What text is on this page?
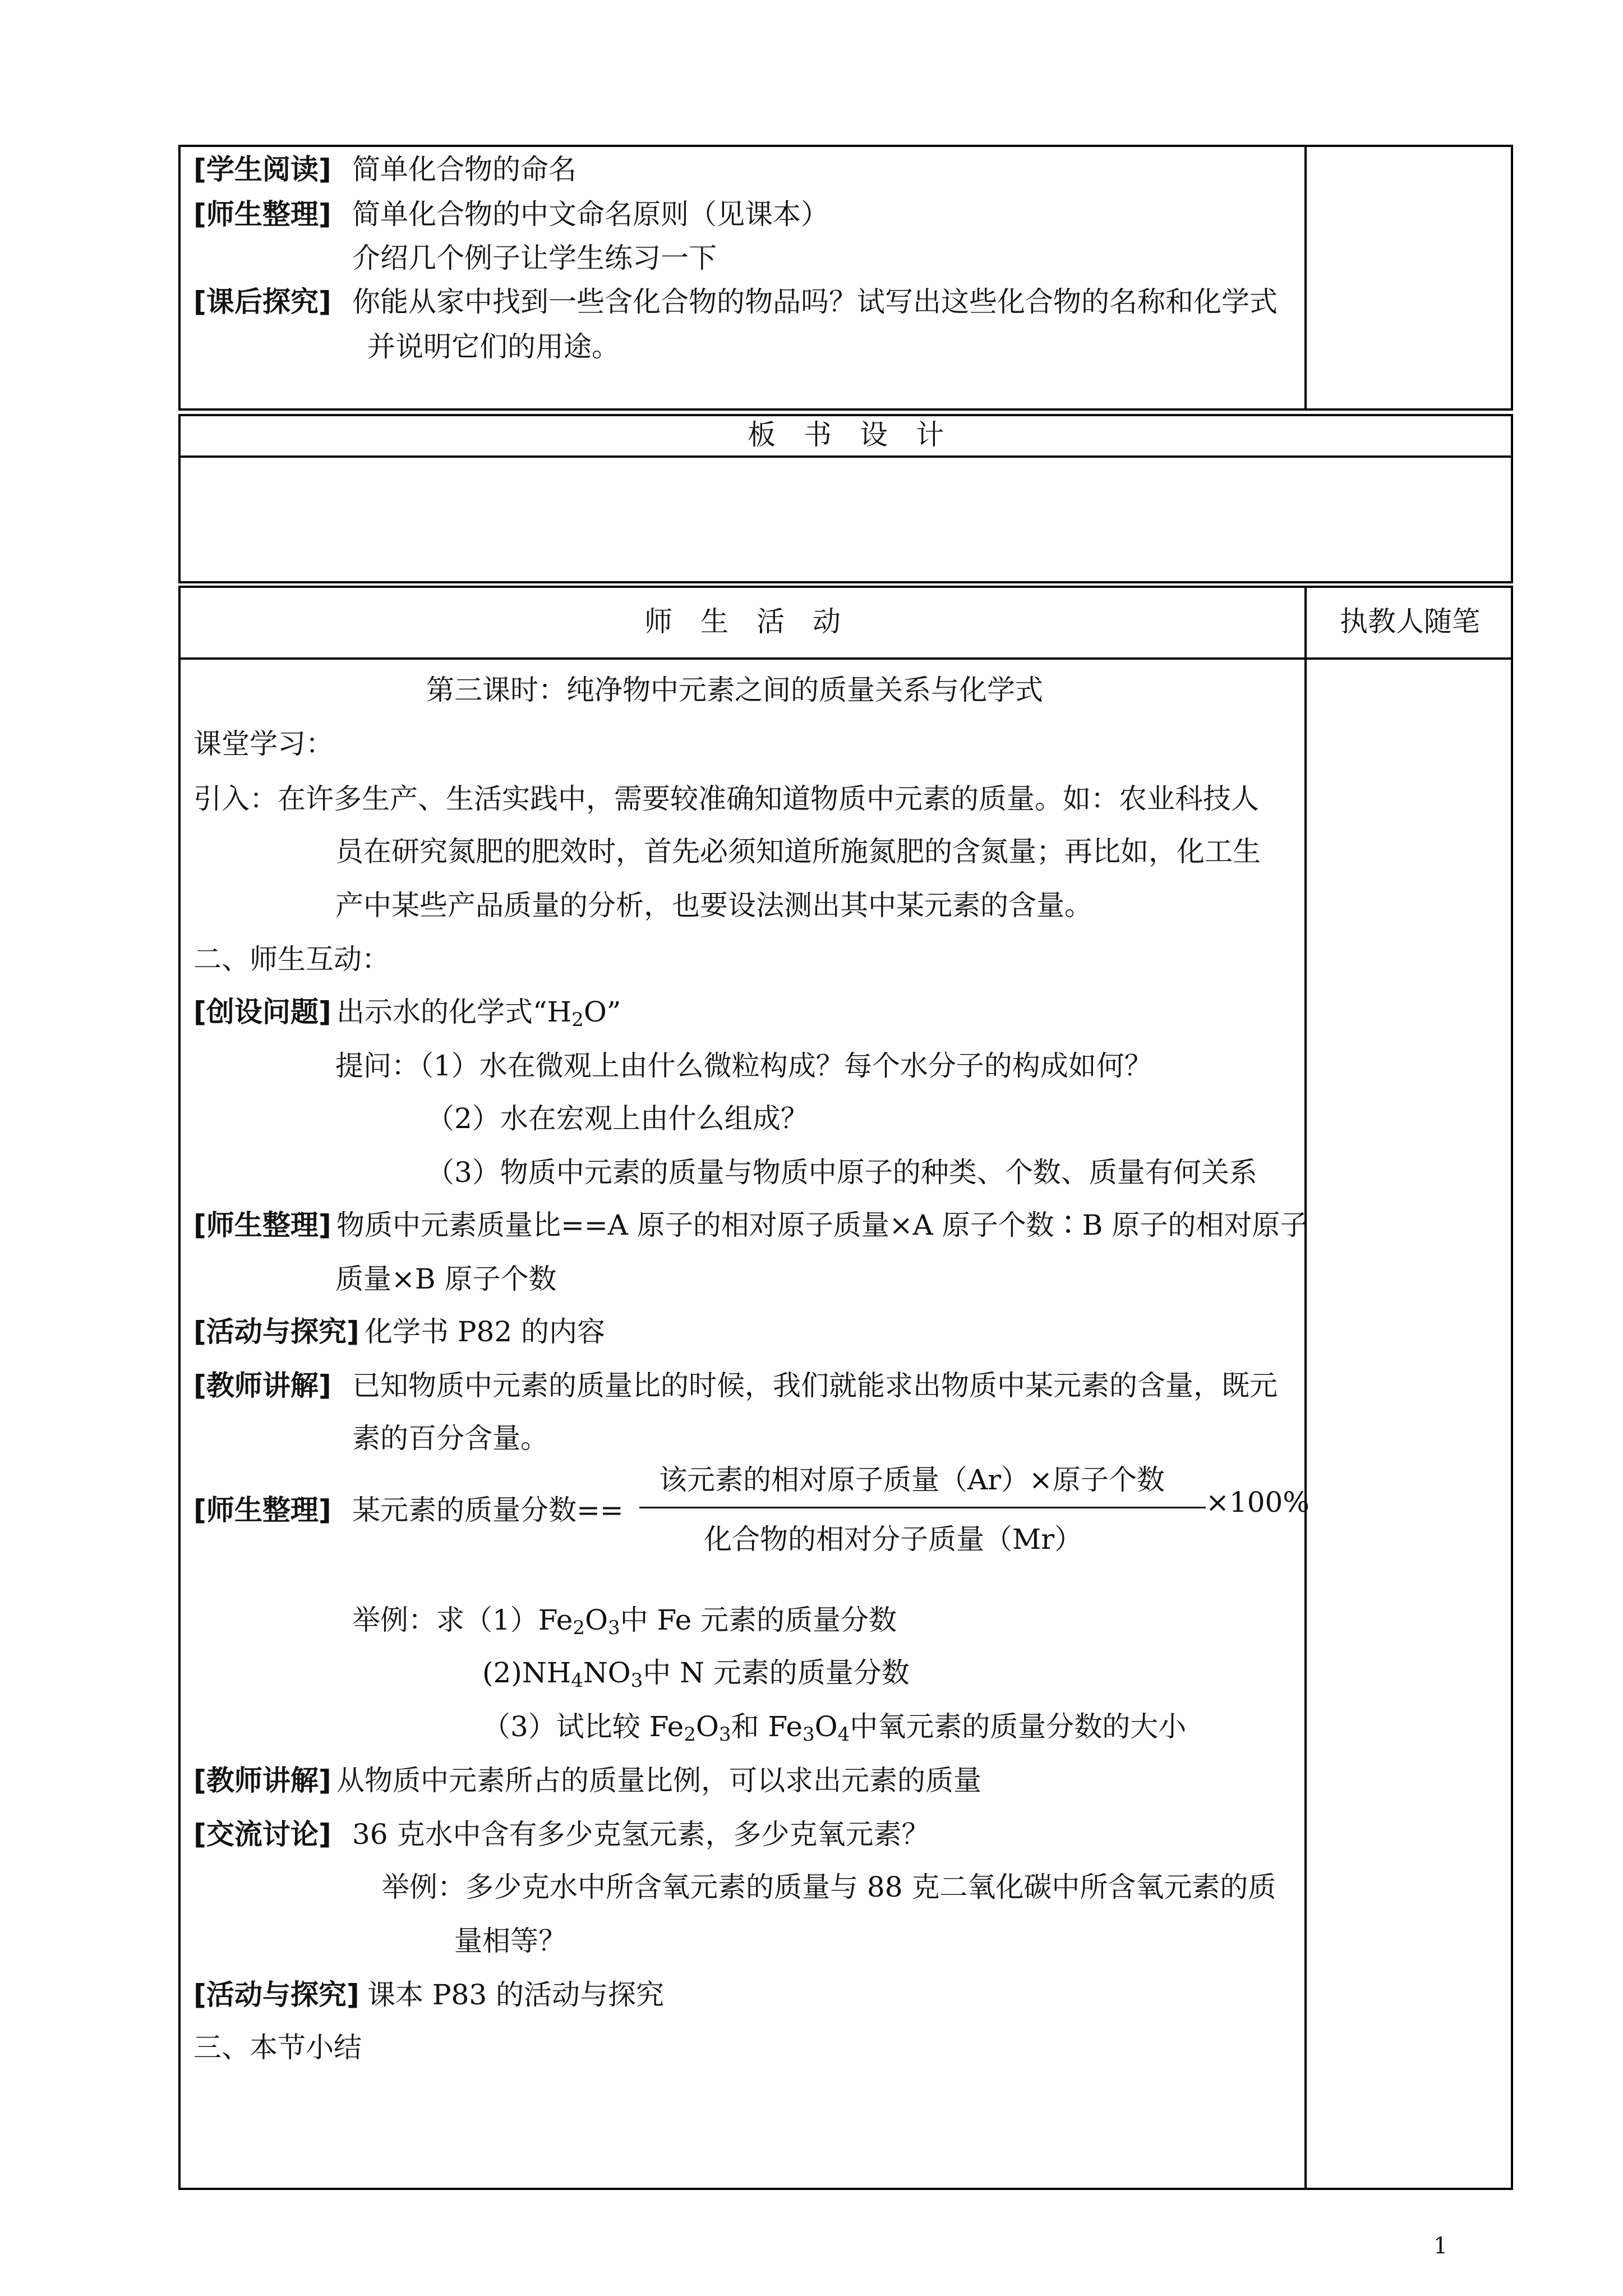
[学生阅读] 简单化合物的命名
[师生整理] 简单化合物的中文命名原则（见课本）
介绍几个例子让学生练习一下
[课后探究] 你能从家中找到一些含化合物的物品吗？试写出这些化合物的名称和化学式
并说明它们的用途。
板　书　设　计
师　生　活　动	执教人随笔
第三课时：纯净物中元素之间的质量关系与化学式
课堂学习：
引入：在许多生产、生活实践中，需要较准确知道物质中元素的质量。如：农业科技人
员在研究氮肥的肥效时，首先必须知道所施氮肥的含氮量；再比如，化工生
产中某些产品质量的分析，也要设法测出其中某元素的含量。
二、师生互动：
[创设问题] 出示水的化学式“$H_2O$”
提问：（1）水在微观上由什么微粒构成？每个水分子的构成如何？
（2）水在宏观上由什么组成？
（3）物质中元素的质量与物质中原子的种类、个数、质量有何关系
[师生整理] 物质中元素质量比==A 原子的相对原子质量×A 原子个数∶B 原子的相对原子
质量×B 原子个数
[活动与探究] 化学书 P82 的内容
[教师讲解] 已知物质中元素的质量比的时候，我们就能求出物质中某元素的含量，既元
素的百分含量。
[师生整理] 某元素的质量分数==
该元素的相对原子质量（Ar）×原子个数
化合物的相对分子质量（Mr）
×100%
举例：求$(1)Fe_2O_3$中 Fe 元素的质量分数
$(2)NH_4NO_3$中 N 元素的质量分数
（3）试比较 $Fe_2O_3$和 $Fe_3O_4$中氧元素的质量分数的大小
[教师讲解] 从物质中元素所占的质量比例，可以求出元素的质量
[交流讨论] 36 克水中含有多少克氢元素，多少克氧元素？
举例：多少克水中所含氧元素的质量与 88 克二氧化碳中所含氧元素的质
量相等？
[活动与探究] 课本 P83 的活动与探究
三、本节小结
1
